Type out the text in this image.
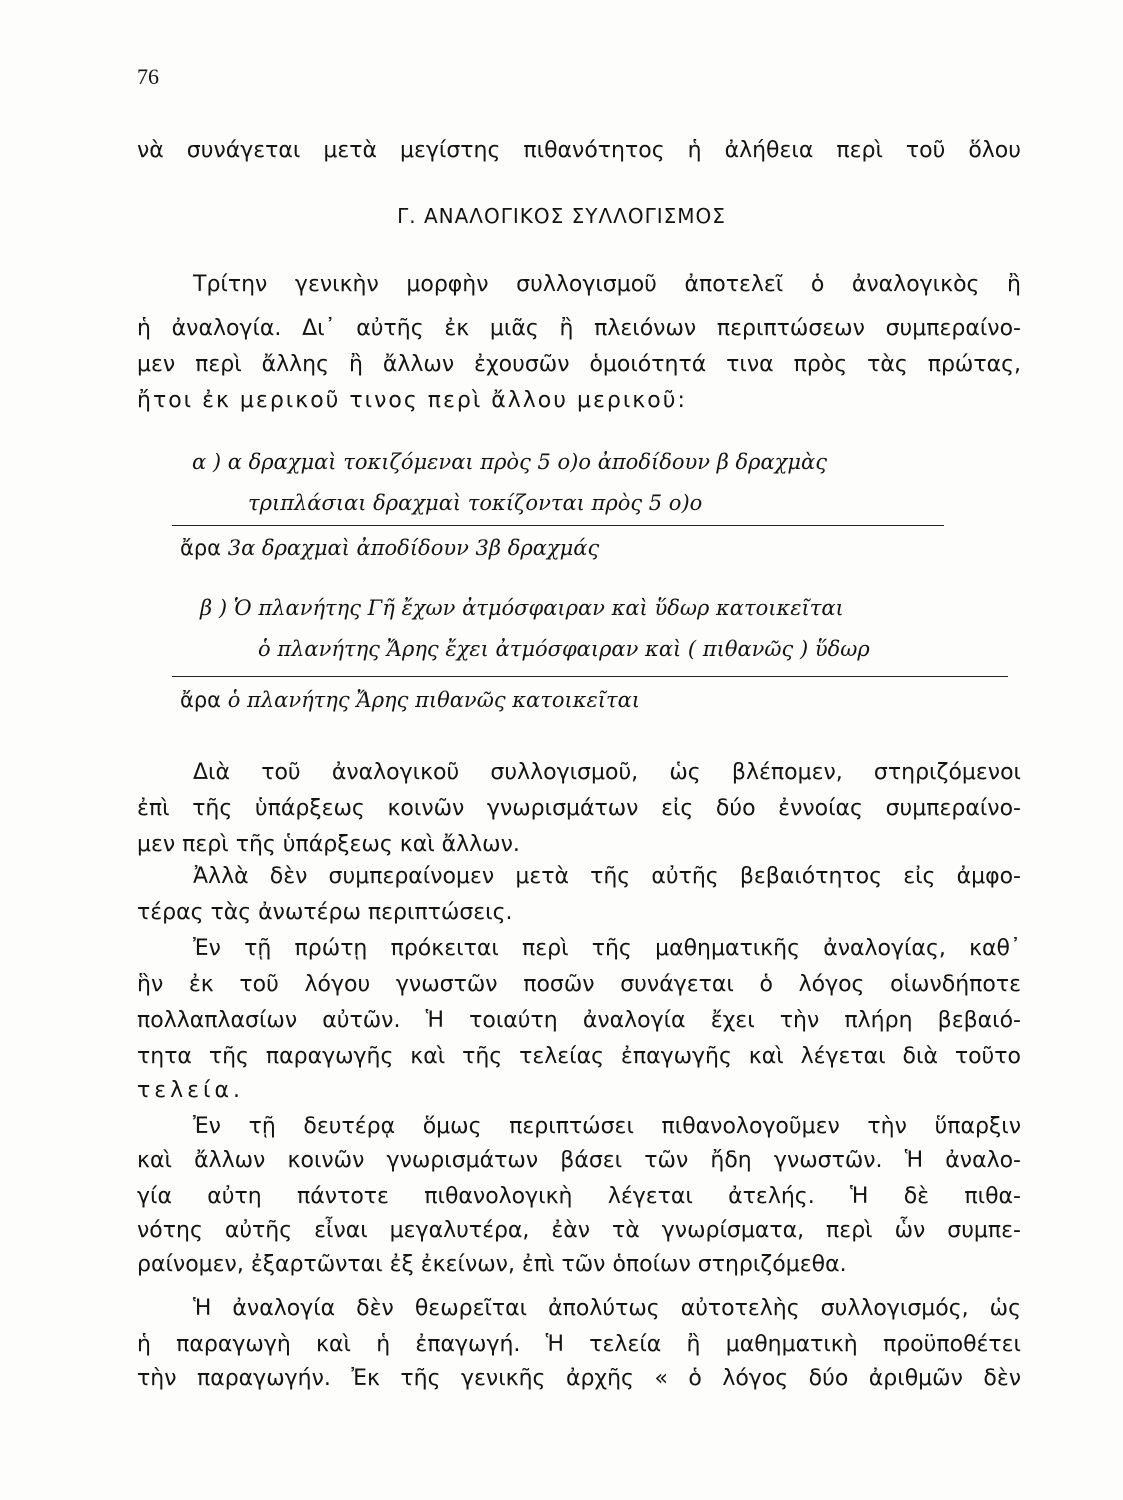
76
νὰ συνάγεται μετὰ μεγίστης πιθανότητος ἡ ἀλήθεια περὶ τοῦ ὅλου
Γ. ΑΝΑΛΟΓΙΚΟΣ ΣΥΛΛΟΓΙΣΜΟΣ
Τρίτην γενικὴν μορφὴν συλλογισμοῦ ἀποτελεῖ ὁ ἀναλογικὸς ἢ
ἡ ἀναλογία. Δι᾿ αὐτῆς ἐκ μιᾶς ἢ πλειόνων περιπτώσεων συμπεραίνο-
μεν περὶ ἄλλης ἢ ἄλλων ἐχουσῶν ὁμοιότητά τινα πρὸς τὰς πρώτας,
ἤτοι ἐκ μερικοῦ τινος περὶ ἄλλου μερικοῦ:
α ) α δραχμαὶ τοκιζόμεναι πρὸς 5 ο)ο ἀποδίδουν β δραχμὰς
τριπλάσιαι δραχμαὶ τοκίζονται πρὸς 5 ο)ο
ἄρα 3α δραχμαὶ ἀποδίδουν 3β δραχμάς
β ) Ὁ πλανήτης Γῆ ἔχων ἀτμόσφαιραν καὶ ὕδωρ κατοικεῖται
ὁ πλανήτης Ἄρης ἔχει ἀτμόσφαιραν καὶ ( πιθανῶς ) ὕδωρ
ἄρα ὁ πλανήτης Ἄρης πιθανῶς κατοικεῖται
Διὰ τοῦ ἀναλογικοῦ συλλογισμοῦ, ὡς βλέπομεν, στηριζόμενοι
ἐπὶ τῆς ὑπάρξεως κοινῶν γνωρισμάτων εἰς δύο ἐννοίας συμπεραίνο-
μεν περὶ τῆς ὑπάρξεως καὶ ἄλλων.
Ἀλλὰ δὲν συμπεραίνομεν μετὰ τῆς αὐτῆς βεβαιότητος εἰς ἀμφο-
τέρας τὰς ἀνωτέρω περιπτώσεις.
Ἐν τῇ πρώτῃ πρόκειται περὶ τῆς μαθηματικῆς ἀναλογίας, καθ᾿
ἣν ἐκ τοῦ λόγου γνωστῶν ποσῶν συνάγεται ὁ λόγος οἱωνδήποτε
πολλαπλασίων αὐτῶν. Ἡ τοιαύτη ἀναλογία ἔχει τὴν πλήρη βεβαιό-
τητα τῆς παραγωγῆς καὶ τῆς τελείας ἐπαγωγῆς καὶ λέγεται διὰ τοῦτο
τελεία.
Ἐν τῇ δευτέρᾳ ὅμως περιπτώσει πιθανολογοῦμεν τὴν ὕπαρξιν
καὶ ἄλλων κοινῶν γνωρισμάτων βάσει τῶν ἤδη γνωστῶν. Ἡ ἀναλο-
γία αὐτη πάντοτε πιθανολογικὴ λέγεται ἀτελής. Ἡ δὲ πιθα-
νότης αὐτῆς εἶναι μεγαλυτέρα, ἐὰν τὰ γνωρίσματα, περὶ ὧν συμπε-
ραίνομεν, ἐξαρτῶνται ἐξ ἐκείνων, ἐπὶ τῶν ὁποίων στηριζόμεθα.
Ἡ ἀναλογία δὲν θεωρεῖται ἀπολύτως αὐτοτελὴς συλλογισμός, ὡς
ἡ παραγωγὴ καὶ ἡ ἐπαγωγή. Ἡ τελεία ἢ μαθηματικὴ προϋποθέτει
τὴν παραγωγήν. Ἐκ τῆς γενικῆς ἀρχῆς « ὁ λόγος δύο ἀριθμῶν δὲν
